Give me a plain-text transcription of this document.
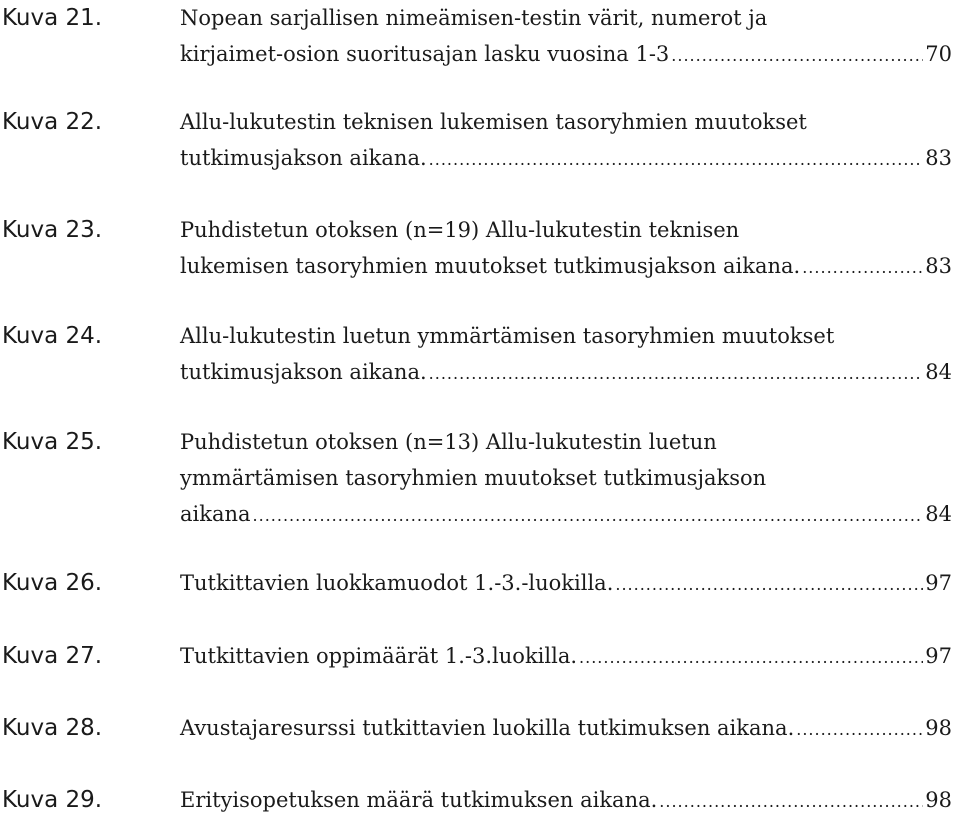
Kuva 21.	Nopean sarjallisen nimeämisen-testin värit, numerot ja
kirjaimet-osion suoritusajan lasku vuosina 1-3 .....	70
Kuva 22.	Allu-lukutestin teknisen lukemisen tasoryhmien muutokset
tutkimusjakson aikana. .....	83
Kuva 23.	Puhdistetun otoksen (n=19) Allu-lukutestin teknisen
lukemisen tasoryhmien muutokset tutkimusjakson aikana. .....	83
Kuva 24.	Allu-lukutestin luetun ymmärtämisen tasoryhmien muutokset
tutkimusjakson aikana. .....	84
Kuva 25.	Puhdistetun otoksen (n=13) Allu-lukutestin luetun
ymmärtämisen tasoryhmien muutokset tutkimusjakson
aikana .....	84
Kuva 26.	Tutkittavien luokkamuodot 1.-3.-luokilla. .....	97
Kuva 27.	Tutkittavien oppimäärät 1.-3.luokilla. .....	97
Kuva 28.	Avustajaresurssi tutkittavien luokilla tutkimuksen aikana. .....	98
Kuva 29.	Erityisopetuksen määrä tutkimuksen aikana. .....	98
